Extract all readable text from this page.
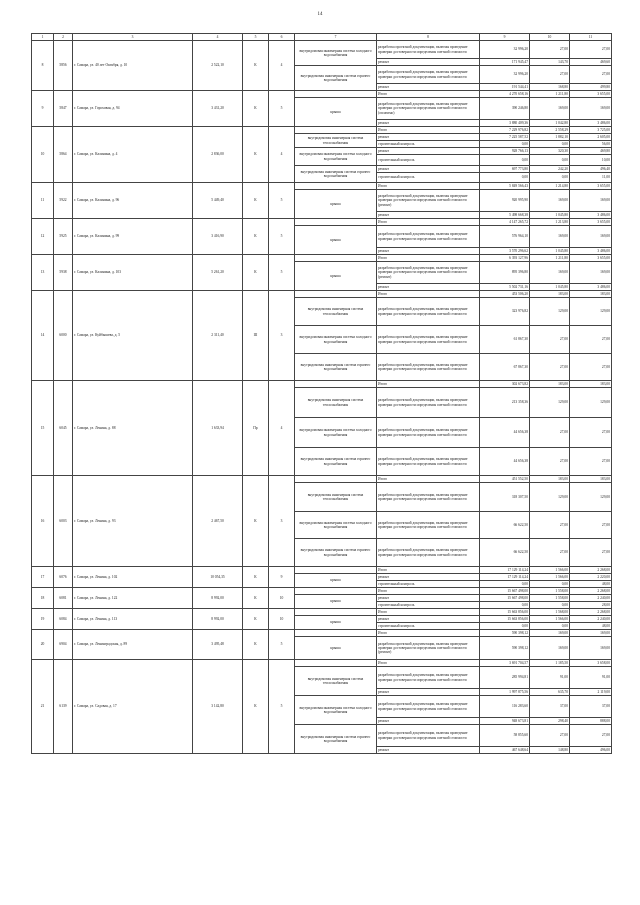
14
1	2	3	4	5	6	7	8	9	10	11
8	5856	г. Самара, ул. 40 лет Октября, д. 10	2 522,10	К	4	внутридомовая инженерная система холодного водоснабжения	разработка проектной документации, включая проведение проверки достоверности определения сметной стоимости	32 996,20	27,00	27,00
							ремонт	171 945,47	143,70	469,60
						внутридомовая инженерная система горячего водоснабжения	разработка проектной документации, включая проведение проверки достоверности определения сметной стоимости	32 996,20	27,00	27,00
							ремонт	191 544,41	168,80	499,80
9	5847	г. Самара, ул. Гороховая, д. 94	3 431,20	К	5		Итого	4 270 658,16	1 211,80	3 655,00
						крыша	разработка проектной документации, включая проведение проверки достоверности определения сметной стоимости (оплачено)	390 246,80	169,00	169,00
							ремонт	3 880 409,36	1 042,80	3 486,00
10	5864	г. Самара, ул. Калинина, д. 4	2 836,00	К	4		Итого	7 229 976,82	2 558,29	3 725,00
						внутридомовая инженерная система теплоснабжения	ремонт	7 225 587,52	1 882,10	2 605,00
							строительный контроль	0,00	0,00	56,00
						внутридомовая инженерная система холодного водоснабжения	ремонт	928 766,13	320,30	469,80
							строительный контроль	0,00	0,00	10,00
						внутридомовая инженерная система горячего водоснабжения	ремонт	697 773,80	242,20	496,40
							строительный контроль	0,00	0,00	11,00
11	5922	г. Самара, ул. Калинина, д. 96	5 449,40	К	5		Итого	5 849 566,43	1 214,80	3 655,00
						крыша	разработка проектной документации, включая проведение проверки достоверности определения сметной стоимости (ремонт)	920 995,90	169,00	169,00
							ремонт	5 498 668,38	1 045,80	3 486,00
12	5925	г. Самара, ул. Калинина, д. 99	3 416,90	К	5		Итого	4 147 265,72	1 213,80	3 655,00
						крыша	разработка проектной документации, включая проведение проверки достоверности определения сметной стоимости	576 964,10	169,00	169,00
							ремонт	3 570 296,62	1 045,80	3 486,00
13	5938	г. Самара, ул. Калинина, д. 103	5 261,20	К	5		Итого	6 393 127,96	1 211,80	3 655,00
						крыша	разработка проектной документации, включая проведение проверки достоверности определения сметной стоимости (ремонт)	895 396,80	169,00	169,00
							ремонт	5 502 731,16	1 045,80	3 486,00
14	6000	г. Самара, ул. Куйбышева, д. 5	2 311,40	Ш	3		Итого	453 506,20	183,00	183,00
						внутридомовая инженерная система теплоснабжения	разработка проектной документации, включая проведение проверки достоверности определения сметной стоимости	323 976,82	129,00	129,00
						внутридомовая инженерная система холодного водоснабжения	разработка проектной документации, включая проведение проверки достоверности определения сметной стоимости	61 867,30	27,00	27,00
						внутридомовая инженерная система горячего водоснабжения	разработка проектной документации, включая проведение проверки достоверности определения сметной стоимости	67 867,30	27,00	27,00
15	6045	г. Самара, ул. Ленина, д. 88	1 633,94	Пр	4		Итого	302 673,82	183,00	183,00
						внутридомовая инженерная система теплоснабжения	разработка проектной документации, включая проведение проверки достоверности определения сметной стоимости	213 358,36	129,00	129,00
						внутридомовая инженерная система холодного водоснабжения	разработка проектной документации, включая проведение проверки достоверности определения сметной стоимости	44 656,38	27,00	27,00
						внутридомовая инженерная система горячего водоснабжения	разработка проектной документации, включая проведение проверки достоверности определения сметной стоимости	44 656,38	27,00	27,00
16	6003	г. Самара, ул. Ленина, д. 93	2 467,50	К	3		Итого	451 552,50	183,00	183,00
						внутридомовая инженерная система теплоснабжения	разработка проектной документации, включая проведение проверки достоверности определения сметной стоимости	318 307,50	129,00	129,00
						внутридомовая инженерная система холодного водоснабжения	разработка проектной документации, включая проведение проверки достоверности определения сметной стоимости	66 622,50	27,00	27,00
						внутридомовая инженерная система горячего водоснабжения	разработка проектной документации, включая проведение проверки достоверности определения сметной стоимости	66 622,50	27,00	27,00
17	6076	г. Самара, ул. Ленина, д. 102	10 054,35	К	9		Итого	17 129 114,24	1 566,00	2 268,00
						крыша	ремонт	17 129 114,24	1 566,00	2 220,00
							строительный контроль	0,00	0,00	48,00
18	6081	г. Самара, ул. Ленина, д. 122	8 992,00	К	10		Итого	15 667 498,00	1 558,00	2 268,00
						крыша	ремонт	15 667 498,00	1 558,00	2 240,00
							строительный контроль	0,00	0,00	28,00
19	6084	г. Самара, ул. Ленина, д. 113	8 992,00	К	10		Итого	15 663 856,00	1 568,00	2 268,00
						крыша	ремонт	15 663 856,00	1 566,00	2 240,00
							строительный контроль	0,00	0,00	48,00
20	6904	г. Самара, ул. Ленинградская, д. 89	3 495,48	К	5		Итого	590 398,12	169,00	169,00
						крыша	разработка проектной документации, включая проведение проверки достоверности определения сметной стоимости (ремонт)	590 398,12	169,00	169,00
21	6139	г. Самара, ул. Садовая, д. 17	3 142,80	К	5		Итого	3 691 704,57	1 185,50	3 658,00
						внутридомовая инженерная система теплоснабжения	разработка проектной документации, включая проведение проверки достоверности определения сметной стоимости	285 994,81	91,00	91,00
							ремонт	1 997 875,56	635,70	2 119,00
						внутридомовая инженерная система холодного водоснабжения	разработка проектной документации, включая проведение проверки достоверности определения сметной стоимости	116 283,60	37,00	37,00
							ремонт	948 673,81	298,40	888,00
						внутридомовая инженерная система горячего водоснабжения	разработка проектной документации, включая проведение проверки достоверности определения сметной стоимости	58 855,60	27,00	27,00
							ремонт	467 648,64	148,80	496,00
